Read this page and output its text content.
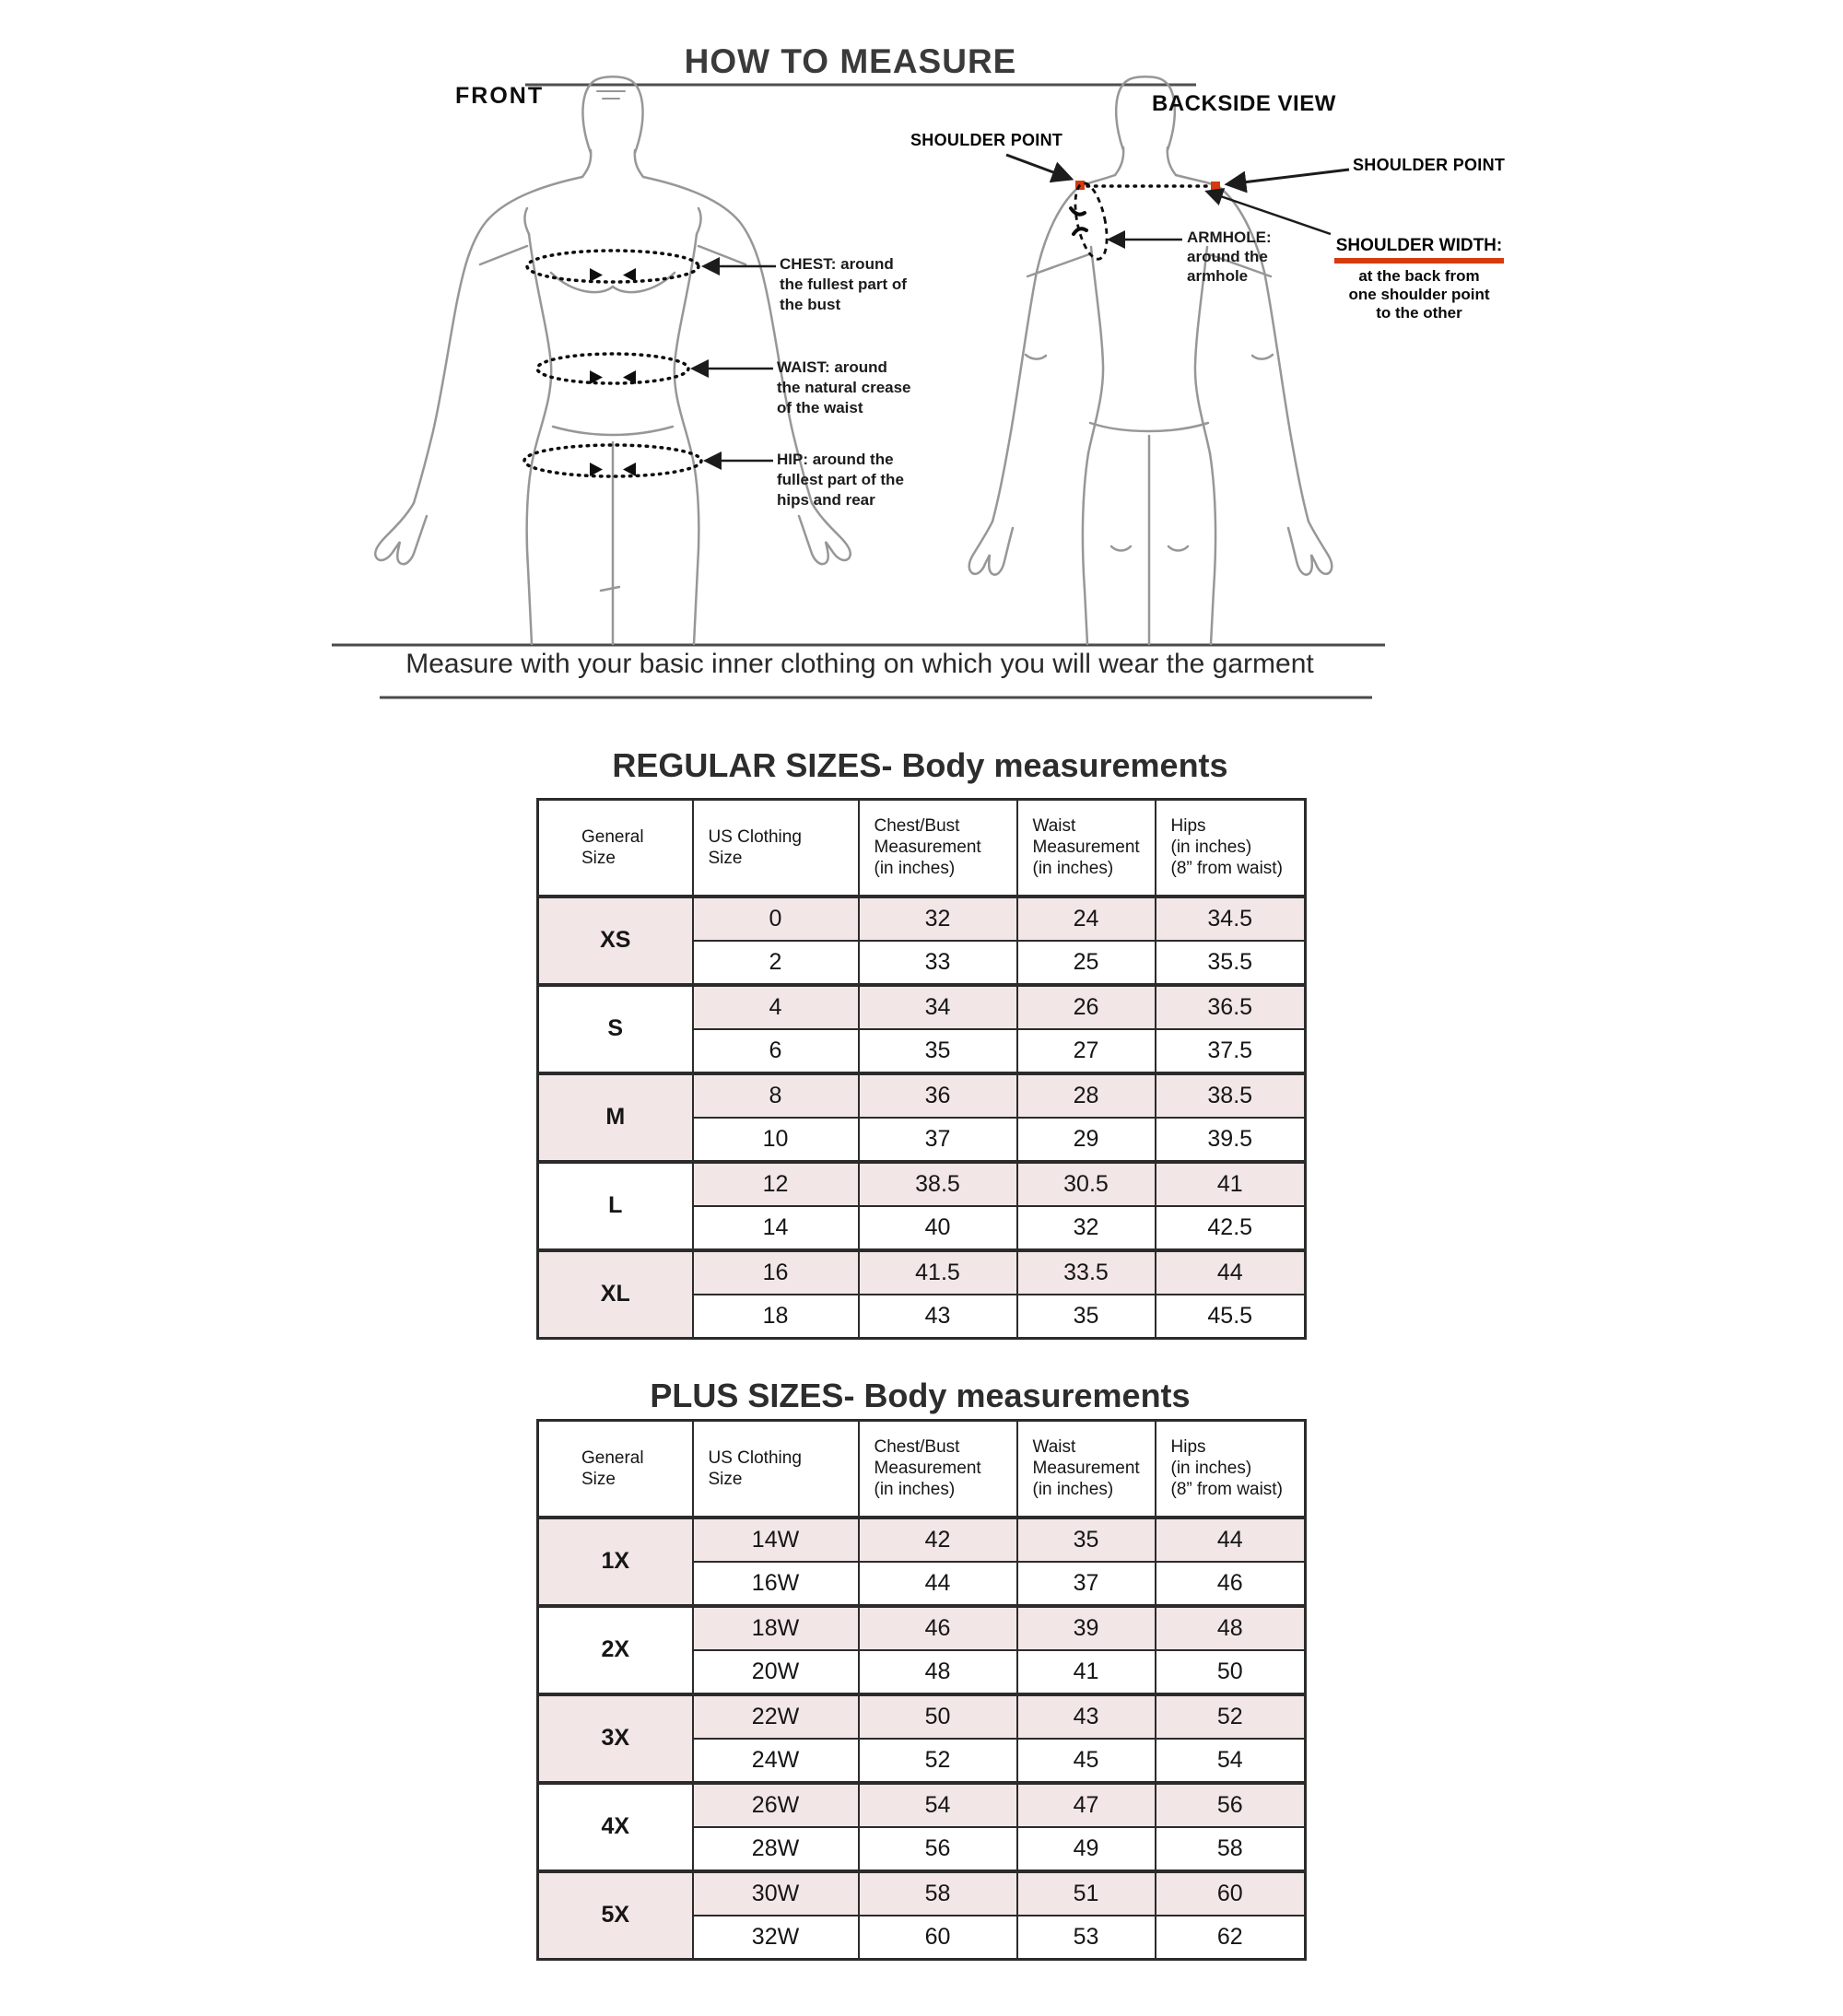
HOW TO MEASURE
FRONT	BACKSIDE VIEW
SHOULDER POINT
SHOULDER POINT
CHEST: around
the fullest part of
the bust
WAIST: around
the natural crease
of the waist
HIP: around the
fullest part of the
hips and rear
ARMHOLE:
around the
armhole
SHOULDER WIDTH:
at the back from
one shoulder point
to the other
Measure with your basic inner clothing on which you will wear the garment
REGULAR SIZES- Body measurements
General
Size	US Clothing
Size	Chest/Bust
Measurement
(in inches)	Waist
Measurement
(in inches)	Hips
(in inches)
(8” from waist)
XS	0	32	24	34.5
	2	33	25	35.5
S	4	34	26	36.5
	6	35	27	37.5
M	8	36	28	38.5
	10	37	29	39.5
L	12	38.5	30.5	41
	14	40	32	42.5
XL	16	41.5	33.5	44
	18	43	35	45.5
PLUS SIZES- Body measurements
General
Size	US Clothing
Size	Chest/Bust
Measurement
(in inches)	Waist
Measurement
(in inches)	Hips
(in inches)
(8” from waist)
1X	14W	42	35	44
	16W	44	37	46
2X	18W	46	39	48
	20W	48	41	50
3X	22W	50	43	52
	24W	52	45	54
4X	26W	54	47	56
	28W	56	49	58
5X	30W	58	51	60
	32W	60	53	62
